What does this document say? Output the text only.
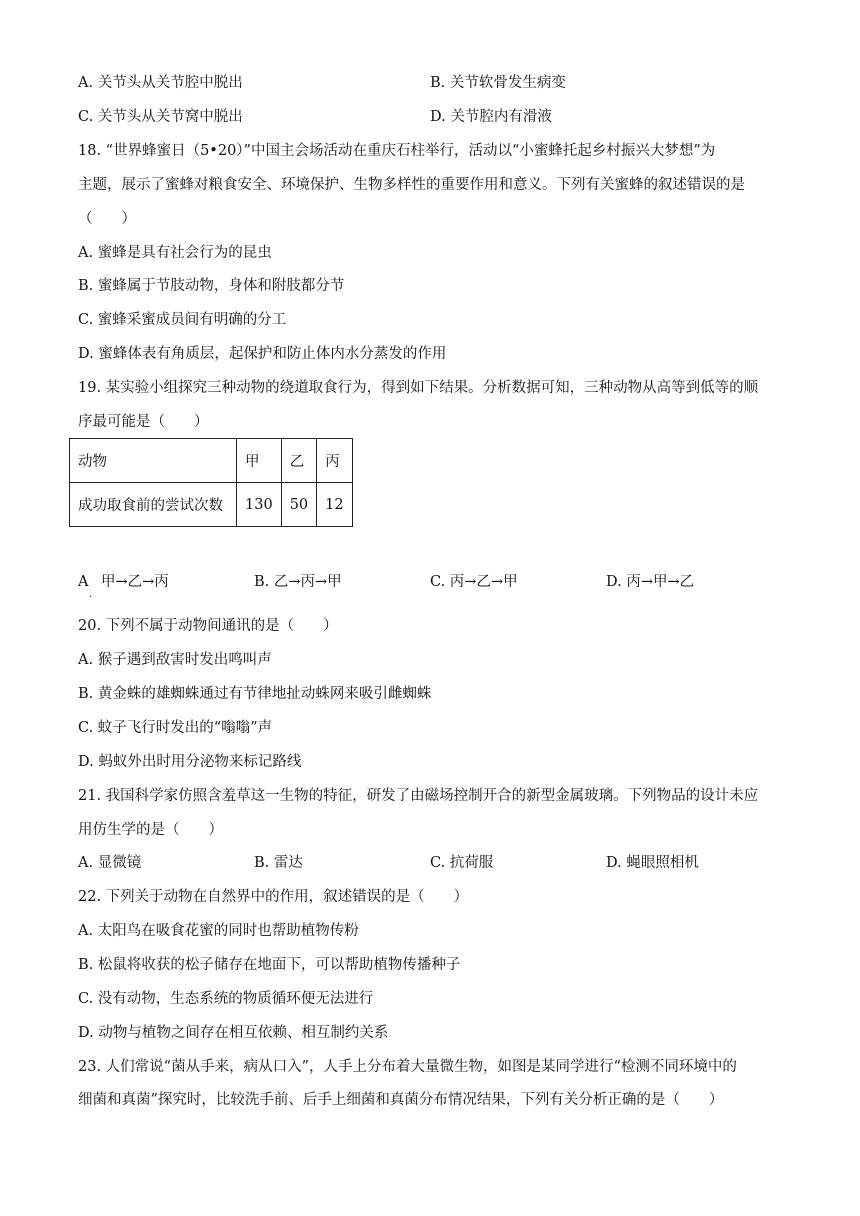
A. 关节头从关节腔中脱出	B. 关节软骨发生病变
C. 关节头从关节窝中脱出	D. 关节腔内有滑液
18. “世界蜂蜜日（5•20）”中国主会场活动在重庆石柱举行，活动以“小蜜蜂托起乡村振兴大梦想”为
主题，展示了蜜蜂对粮食安全、环境保护、生物多样性的重要作用和意义。下列有关蜜蜂的叙述错误的是
（　　）
A. 蜜蜂是具有社会行为的昆虫
B. 蜜蜂属于节肢动物，身体和附肢都分节
C. 蜜蜂采蜜成员间有明确的分工
D. 蜜蜂体表有角质层，起保护和防止体内水分蒸发的作用
19. 某实验小组探究三种动物的绕道取食行为，得到如下结果。分析数据可知，三种动物从高等到低等的顺
序最可能是（　　）
动物	甲	乙	丙
成功取食前的尝试次数	130	50	12
A
.
甲→乙→丙	B. 乙→丙→甲	C. 丙→乙→甲	D. 丙→甲→乙
20. 下列不属于动物间通讯的是（　　）
A. 猴子遇到敌害时发出鸣叫声
B. 黄金蛛的雄蜘蛛通过有节律地扯动蛛网来吸引雌蜘蛛
C. 蚊子飞行时发出的“嗡嗡”声
D. 蚂蚁外出时用分泌物来标记路线
21. 我国科学家仿照含羞草这一生物的特征，研发了由磁场控制开合的新型金属玻璃。下列物品的设计未应
用仿生学的是（　　）
A. 显微镜	B. 雷达	C. 抗荷服	D. 蝇眼照相机
22. 下列关于动物在自然界中的作用，叙述错误的是（　　）
A. 太阳鸟在吸食花蜜的同时也帮助植物传粉
B. 松鼠将收获的松子储存在地面下，可以帮助植物传播种子
C. 没有动物，生态系统的物质循环便无法进行
D. 动物与植物之间存在相互依赖、相互制约关系
23. 人们常说“菌从手来，病从口入”，人手上分布着大量微生物，如图是某同学进行“检测不同环境中的
细菌和真菌”探究时，比较洗手前、后手上细菌和真菌分布情况结果，下列有关分析正确的是（　　）
